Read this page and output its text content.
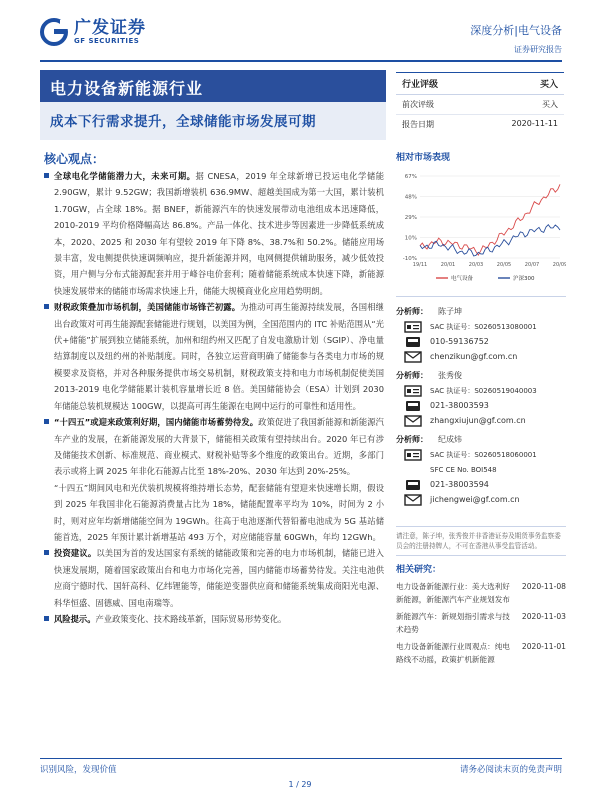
广发证券
GF SECURITIES
深度分析|电气设备
证券研究报告
电力设备新能源行业
成本下行需求提升，全球储能市场发展可期
行业评级	买入
前次评级	买入
报告日期	2020-11-11
核心观点：

全球电化学储能潜力大，未来可期。据 CNESA，2019 年全球新增已投运电化学储能 2.90GW，累计 9.52GW；我国新增装机 636.9MW、超越美国成为第一大国，累计装机 1.70GW，占全球 18%。据 BNEF，新能源汽车的快速发展带动电池组成本迅速降低，2010-2019 平均价格降幅高达 86.8%。产品一体化、技术进步等因素进一步降低系统成本，2020、2025 和 2030 年有望较 2019 年下降 8%、38.7%和 50.2%。储能应用场景丰富，发电侧提供快速调频响应，提升新能源并网，电网侧提供辅助服务，减少低效投资，用户侧与分布式能源配套并用于峰谷电价套利；随着储能系统成本快速下降，新能源快速发展带来的储能市场需求快速上升，储能大规模商业化应用趋势明朗。

财税政策叠加市场机制，美国储能市场锋芒初露。为推动可再生能源持续发展，各国相继出台政策对可再生能源配套储能进行规划，以美国为例，全国范围内的 ITC 补贴范围从“光伏+储能”扩展到独立储能系统，加州和纽约州又匹配了自发电激励计划（SGIP）、净电量结算制度以及纽约州的补贴制度。同时，各独立运营商明确了储能参与各类电力市场的规模要求及资格，并对各种服务提供市场交易机制，财税政策支持和电力市场机制促使美国 2013-2019 电化学储能累计装机容量增长近 8 倍。美国储能协会（ESA）计划到 2030 年储能总装机规模达 100GW，以提高可再生能源在电网中运行的可靠性和适用性。

“十四五”或迎来政策利好期，国内储能市场蓄势待发。政策促进了我国新能源和新能源汽车产业的发展，在新能源发展的大背景下，储能相关政策有望持续出台。2020 年已有涉及储能技术创新、标准规范、商业模式、财税补贴等多个维度的政策出台。近期，多部门表示或将上调 2025 年非化石能源占比至 18%-20%、2030 年达到 20%-25%。

“十四五”期间风电和光伏装机规模将维持增长态势，配套储能有望迎来快速增长期，假设到 2025 年我国非化石能源消费量占比为 18%，储能配置率平均为 10%，时间为 2 小时，则对应年均新增储能空间为 19GWh。往高于电池逐渐代替铅蓄电池成为 5G 基站储能首选，2025 年预计累计新增基站 493 万个，对应储能容量 60GWh，年均 12GWh。

投资建议。以美国为首的发达国家有系统的储能政策和完善的电力市场机制，储能已进入快速发展期，随着国家政策出台和电力市场化完善，国内储能市场蓄势待发。关注电池供应商宁德时代、国轩高科、亿纬锂能等，储能逆变器供应商和储能系统集成商阳光电源、科华恒盛、固德威、国电南瑞等。

风险提示。产业政策变化、技术路线革新，国际贸易形势变化。

相对市场表现
67%
48%
29%
10%
-10%
19/11	20/01	20/03	20/05	20/07	20/09
电气设备	沪深300
分析师：	陈子坤
SAC 执证号：S0260513080001
010-59136752
chenzikun@gf.com.cn
分析师：	张秀俊
SAC 执证号：S0260519040003
021-38003593
zhangxiujun@gf.com.cn
分析师：	纪成炜
SAC 执证号：S0260518060001
SFC CE No. BOI548
021-38003594
jichengwei@gf.com.cn
请注意，陈子坤，张秀俊并非香港证券及期货事务监察委员会的注册持牌人，不可在香港从事受监管活动。
相关研究：
电力设备新能源行业：美大选利好新能源，新能源汽车产业规划发布
2020-11-08
新能源汽车：新规划指引需求与技术趋势
2020-11-03
电力设备新能源行业周观点：纯电路线不动摇，政策扩机新能源
2020-11-01
识别风险，发现价值	请务必阅读末页的免责声明
1 / 29
